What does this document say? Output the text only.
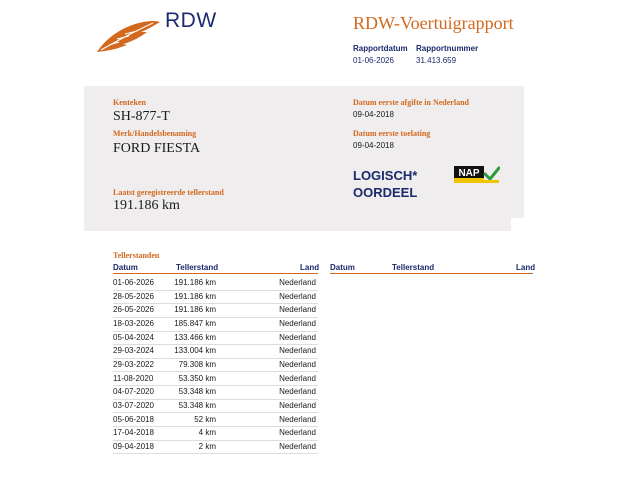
RDW	RDW-Voertuigrapport
Rapportdatum
01-06-2026
Rapportnummer
31.413.659
Kenteken
SH-877-T
Merk/Handelsbenaming
FORD FIESTA
Laatst geregistreerde tellerstand
191.186 km
Datum eerste afgifte in Nederland
09-04-2018
Datum eerste toelating
09-04-2018
LOGISCH*
OORDEEL
NAP
Tellerstanden
Datum	Tellerstand	Land Datum	Tellerstand	Land
01-06-2026	191.186 km	Nederland
28-05-2026	191.186 km	Nederland
26-05-2026	191.186 km	Nederland
18-03-2026	185.847 km	Nederland
05-04-2024	133.466 km	Nederland
29-03-2024	133.004 km	Nederland
29-03-2022	79.308 km	Nederland
11-08-2020	53.350 km	Nederland
04-07-2020	53.348 km	Nederland
03-07-2020	53.348 km	Nederland
05-06-2018	52 km	Nederland
17-04-2018	4 km	Nederland
09-04-2018	2 km	Nederland
